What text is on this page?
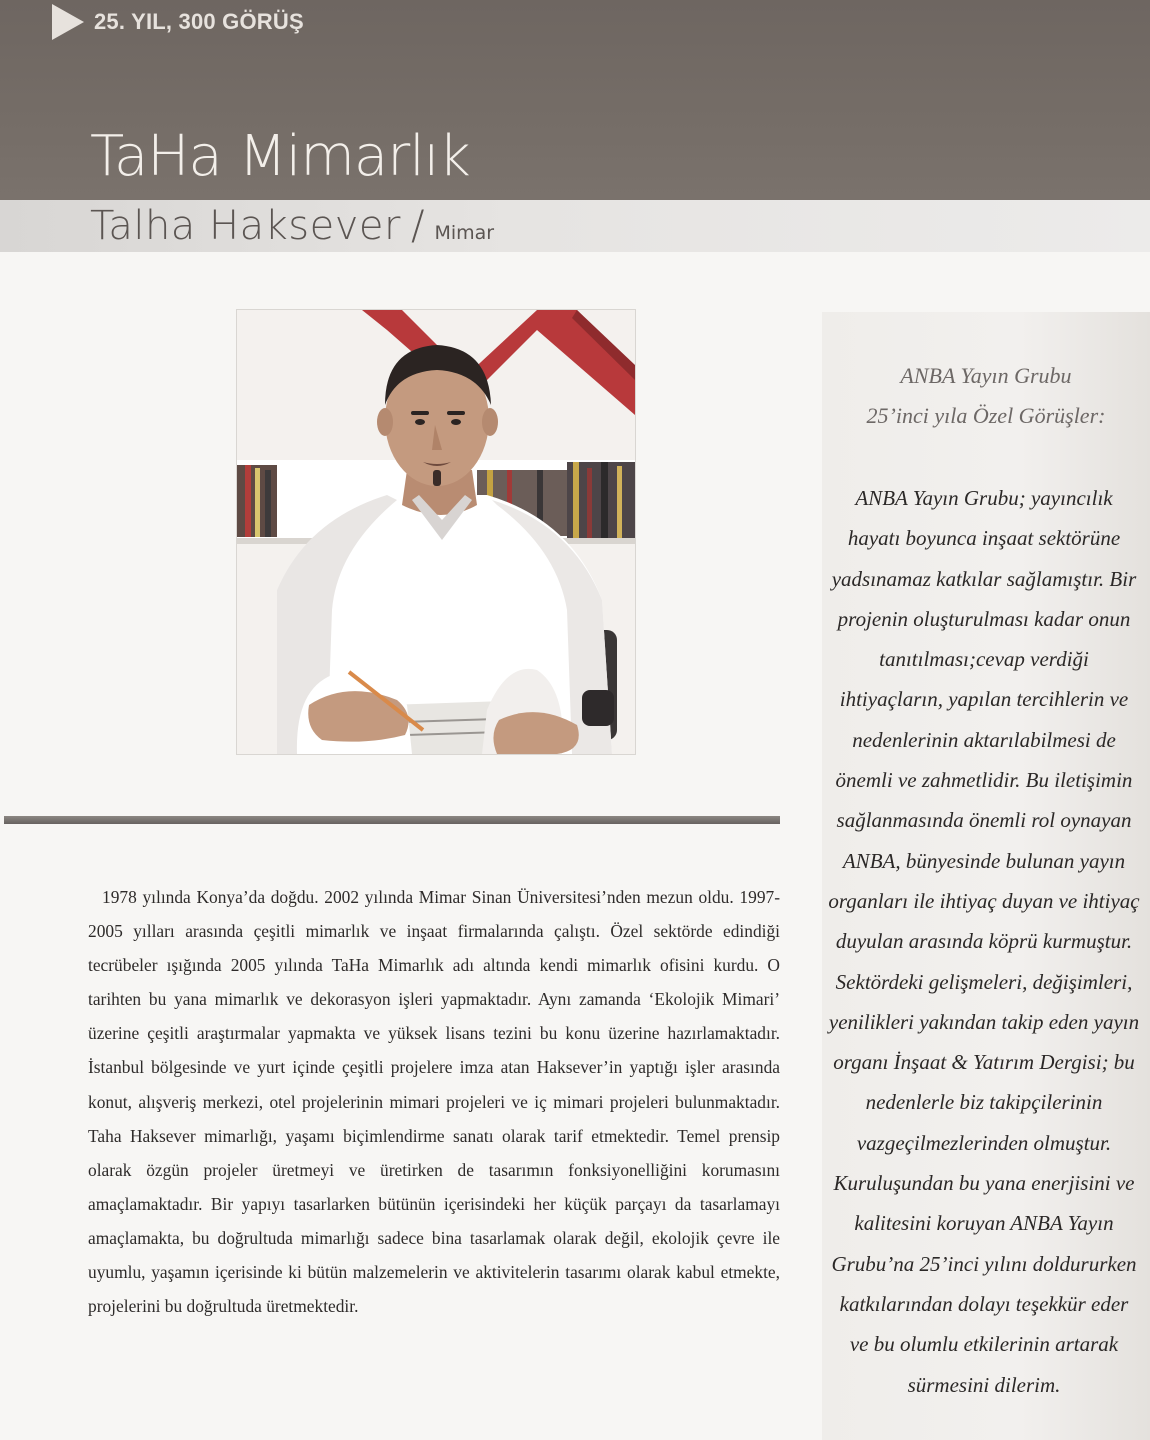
25. YIL, 300 GÖRÜŞ
TaHa Mimarlık
Talha Haksever / Mimar
1978 yılında Konya’da doğdu. 2002 yılında Mimar Sinan Üniversitesi’nden mezun oldu. 1997-2005 yılları arasında çeşitli mimarlık ve inşaat firmalarında çalıştı. Özel sektörde edindiği tecrübeler ışığında 2005 yılında TaHa Mimarlık adı altında kendi mimarlık ofisini kurdu. O tarihten bu yana mimarlık ve dekorasyon işleri yapmaktadır. Aynı zamanda ‘Ekolojik Mimari’ üzerine çeşitli araştırmalar yapmakta ve yüksek lisans tezini bu konu üzerine hazırlamaktadır. İstanbul bölgesinde ve yurt içinde çeşitli projelere imza atan Haksever’in yaptığı işler arasında konut, alışveriş merkezi, otel projelerinin mimari projeleri ve iç mimari projeleri bulunmaktadır. Taha Haksever mimarlığı, yaşamı biçimlendirme sanatı olarak tarif etmektedir. Temel prensip olarak özgün projeler üretmeyi ve üretirken de tasarımın fonksiyonelliğini korumasını amaçlamaktadır. Bir yapıyı tasarlarken bütünün içerisindeki her küçük parçayı da tasarlamayı amaçlamakta, bu doğrultuda mimarlığı sadece bina tasarlamak olarak değil, ekolojik çevre ile uyumlu, yaşamın içerisinde ki bütün malzemelerin ve aktivitelerin tasarımı olarak kabul etmekte, projelerini bu doğrultuda üretmektedir.
ANBA Yayın Grubu
25’inci yıla Özel Görüşler:
ANBA Yayın Grubu; yayıncılık hayatı boyunca inşaat sektörüne yadsınamaz katkılar sağlamıştır. Bir projenin oluşturulması kadar onun tanıtılması;cevap verdiği ihtiyaçların, yapılan tercihlerin ve nedenlerinin aktarılabilmesi de önemli ve zahmetlidir. Bu iletişimin sağlanmasında önemli rol oynayan ANBA, bünyesinde bulunan yayın organları ile ihtiyaç duyan ve ihtiyaç duyulan arasında köprü kurmuştur. Sektördeki gelişmeleri, değişimleri, yenilikleri yakından takip eden yayın organı İnşaat & Yatırım Dergisi; bu nedenlerle biz takipçilerinin vazgeçilmezlerinden olmuştur. Kuruluşundan bu yana enerjisini ve kalitesini koruyan ANBA Yayın Grubu’na 25’inci yılını doldururken katkılarından dolayı teşekkür eder ve bu olumlu etkilerinin artarak sürmesini dilerim.
